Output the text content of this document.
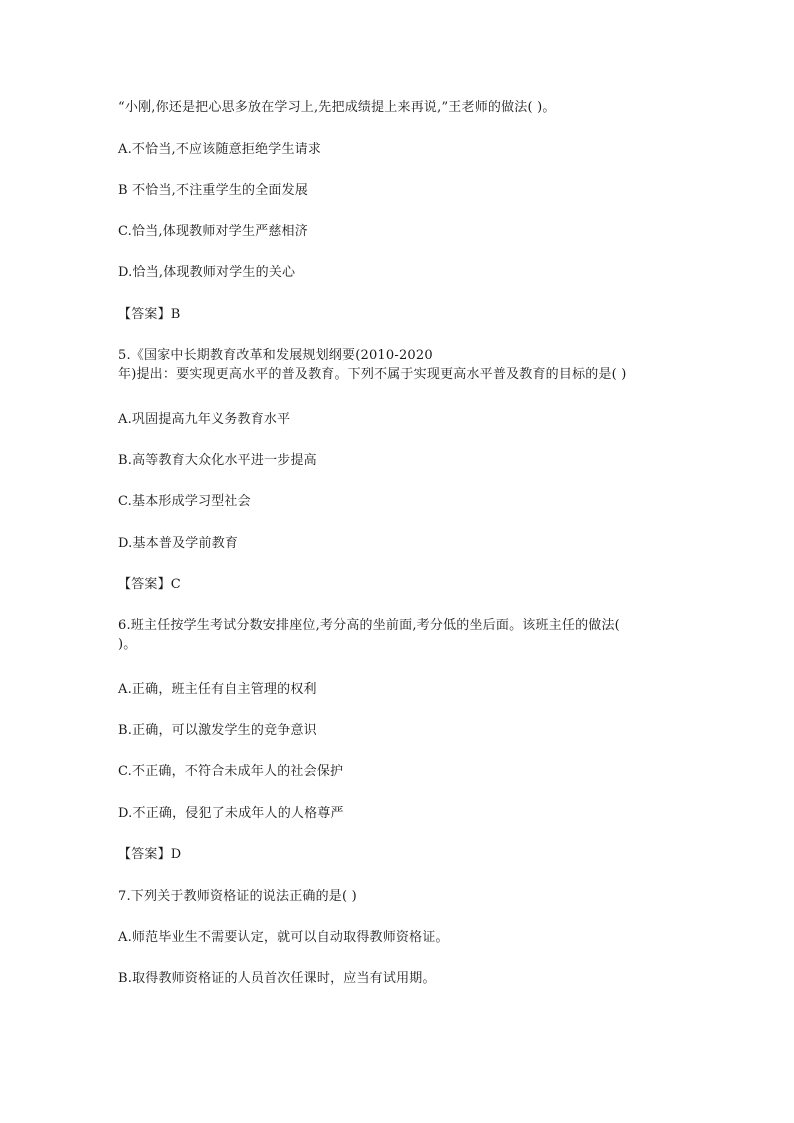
“小刚,你还是把心思多放在学习上,先把成绩提上来再说,”王老师的做法( )。
A.不恰当,不应该随意拒绝学生请求
B 不恰当,不注重学生的全面发展
C.恰当,体现教师对学生严慈相济
D.恰当,体现教师对学生的关心
【答案】B
5.《国家中长期教育改革和发展规划纲要(2010-2020
年)提出：要实现更高水平的普及教育。下列不属于实现更高水平普及教育的目标的是( )
A.巩固提高九年义务教育水平
B.高等教育大众化水平进一步提高
C.基本形成学习型社会
D.基本普及学前教育
【答案】C
6.班主任按学生考试分数安排座位,考分高的坐前面,考分低的坐后面。该班主任的做法(
)。
A.正确，班主任有自主管理的权利
B.正确，可以激发学生的竞争意识
C.不正确，不符合未成年人的社会保护
D.不正确，侵犯了未成年人的人格尊严
【答案】D
7.下列关于教师资格证的说法正确的是( )
A.师范毕业生不需要认定，就可以自动取得教师资格证。
B.取得教师资格证的人员首次任课时，应当有试用期。
